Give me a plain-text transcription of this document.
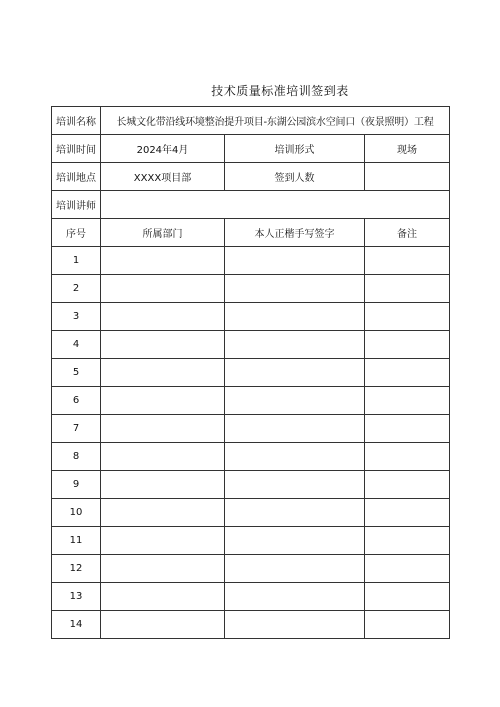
技术质量标准培训签到表
培训名称	长城文化带沿线环境整治提升项目-东湖公园滨水空间口（夜景照明）工程		
培训时间	2024年4月	培训形式	现场
培训地点	XXXX项目部	签到人数	
培训讲师			
序号	所属部门	本人正楷手写签字	备注
1			
2			
3			
4			
5			
6			
7			
8			
9			
10			
11			
12			
13			
14			
